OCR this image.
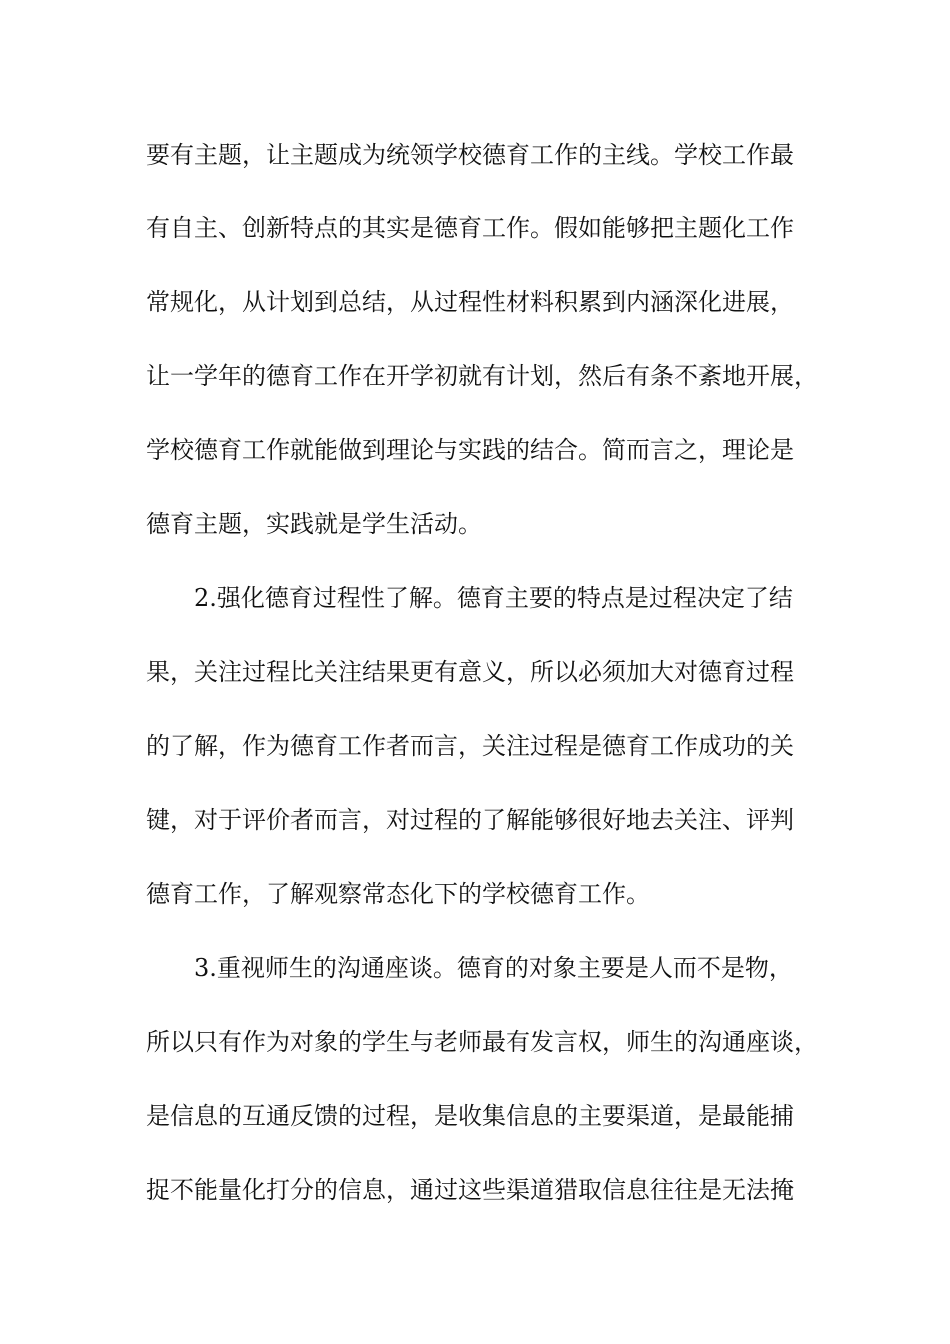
要有主题，让主题成为统领学校德育工作的主线。学校工作最
有自主、创新特点的其实是德育工作。假如能够把主题化工作
常规化，从计划到总结，从过程性材料积累到内涵深化进展，
让一学年的德育工作在开学初就有计划，然后有条不紊地开展，
学校德育工作就能做到理论与实践的结合。简而言之，理论是
德育主题，实践就是学生活动。
2.强化德育过程性了解。德育主要的特点是过程决定了结
果，关注过程比关注结果更有意义，所以必须加大对德育过程
的了解，作为德育工作者而言，关注过程是德育工作成功的关
键，对于评价者而言，对过程的了解能够很好地去关注、评判
德育工作，了解观察常态化下的学校德育工作。
3.重视师生的沟通座谈。德育的对象主要是人而不是物，
所以只有作为对象的学生与老师最有发言权，师生的沟通座谈，
是信息的互通反馈的过程，是收集信息的主要渠道，是最能捕
捉不能量化打分的信息，通过这些渠道猎取信息往往是无法掩
